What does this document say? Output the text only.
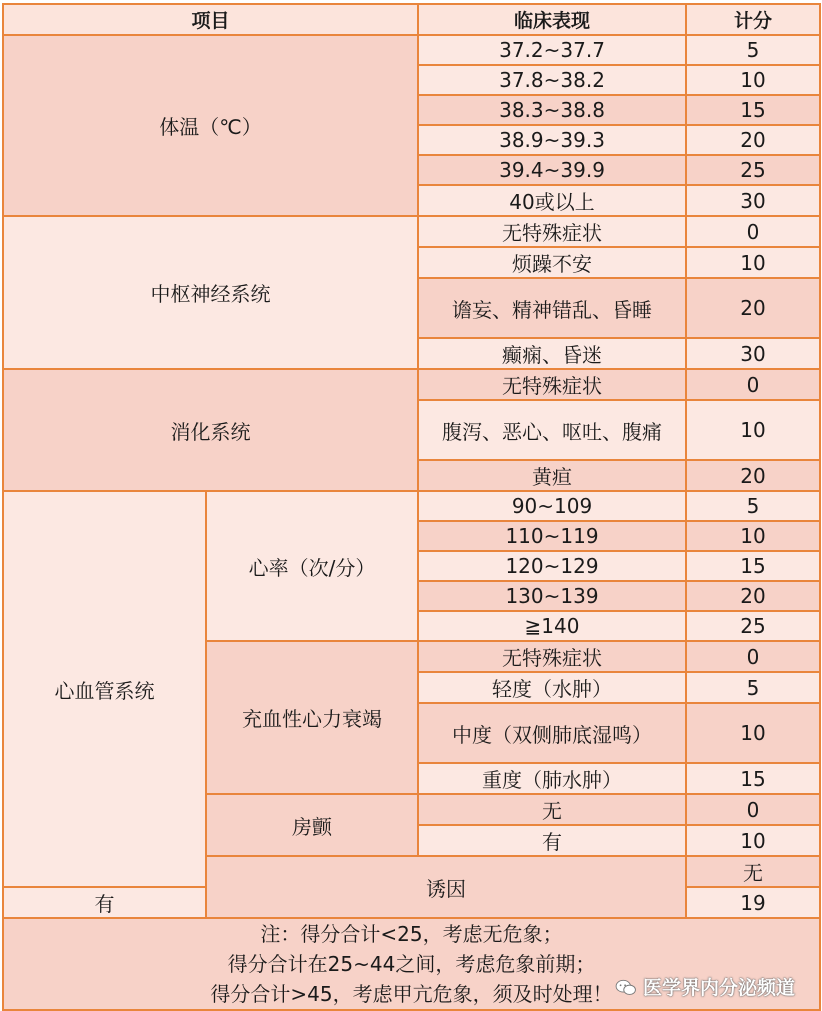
项目		临床表现	计分	
体温（℃）		37.2~37.7	5	
		37.8~38.2	10	
		38.3~38.8	15	
		38.9~39.3	20	
		39.4~39.9	25	
		40或以上	30	
中枢神经系统		无特殊症状	0	
		烦躁不安	10	
		谵妄、精神错乱、昏睡	20	
		癫痫、昏迷	30	
消化系统		无特殊症状	0	
		腹泻、恶心、呕吐、腹痛	10	
		黄疸	20	
心血管系统	心率（次/分）	90~109	5	
		110~119	10	
		120~129	15	
		130~139	20	
		≧140	25	
	充血性心力衰竭	无特殊症状	0	
		轻度（水肿）	5	
		中度（双侧肺底湿鸣）	10	
		重度（肺水肿）	15	
	房颤	无	0	
		有	10	
	诱因		无	
有			19	

注：得分合计<25，考虑无危象；
得分合计在25~44之间，考虑危象前期；
得分合计>45，考虑甲亢危象，须及时处理！ 医学界内分泌频道				
